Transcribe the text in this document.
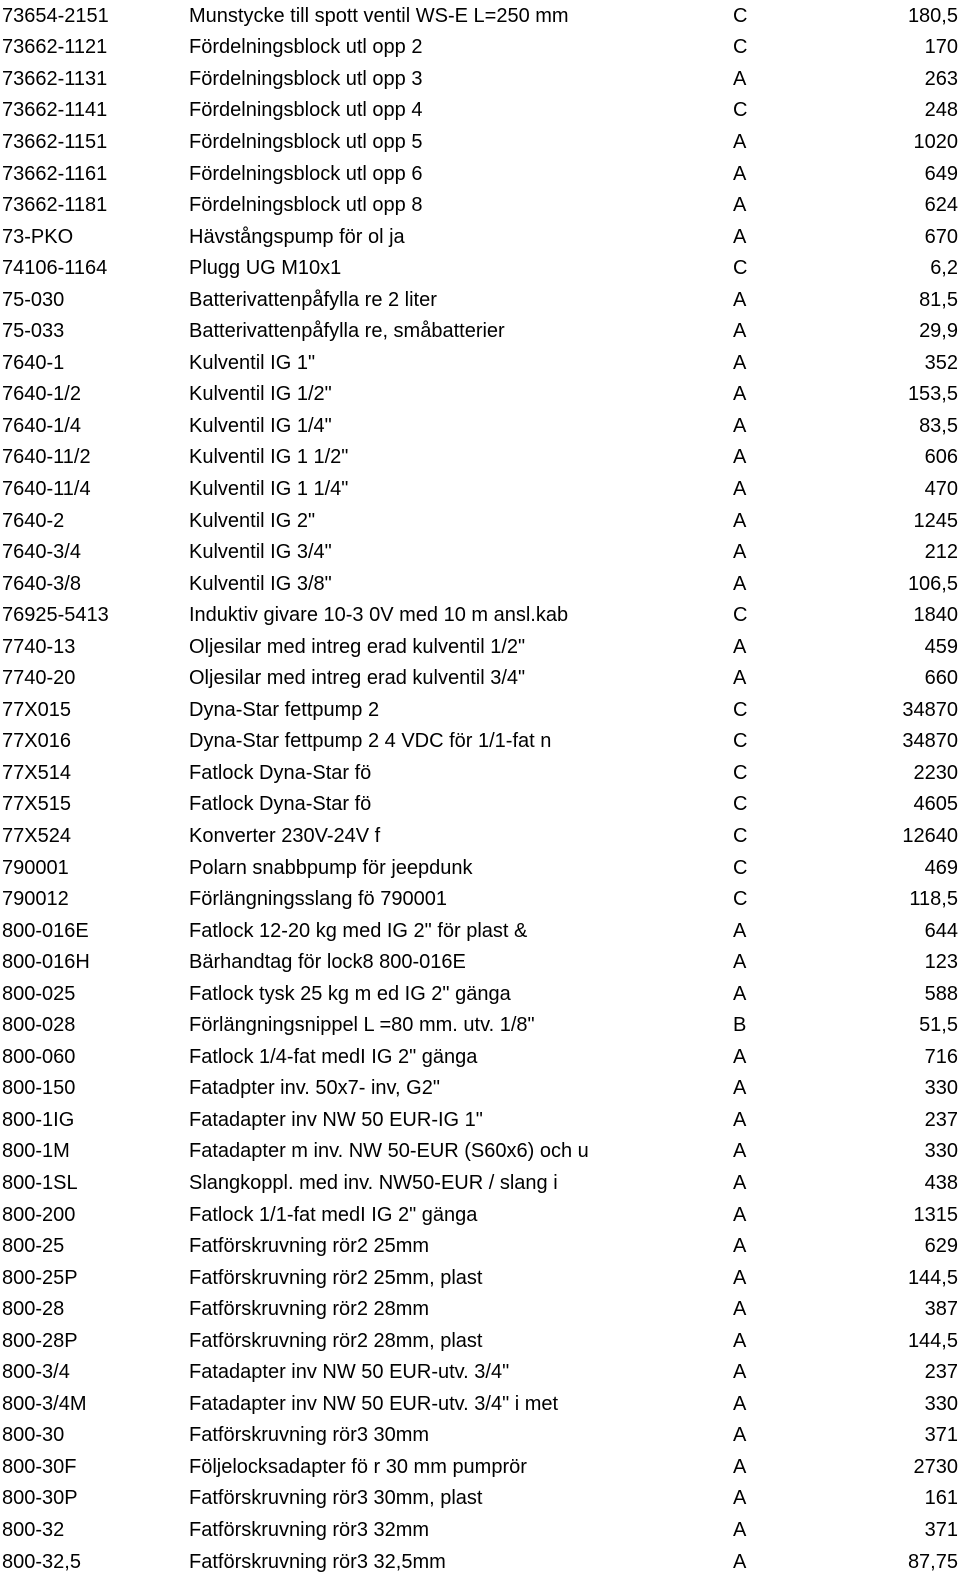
73654-2151	Munstycke till spott ventil WS-E L=250 mm	C	180,5
73662-1121	Fördelningsblock utl opp 2	C	170
73662-1131	Fördelningsblock utl opp 3	A	263
73662-1141	Fördelningsblock utl opp 4	C	248
73662-1151	Fördelningsblock utl opp 5	A	1020
73662-1161	Fördelningsblock utl opp 6	A	649
73662-1181	Fördelningsblock utl opp 8	A	624
73-PKO	Hävstångspump för ol ja	A	670
74106-1164	Plugg UG M10x1	C	6,2
75-030	Batterivattenpåfylla re 2 liter	A	81,5
75-033	Batterivattenpåfylla re, småbatterier	A	29,9
7640-1	Kulventil IG 1"	A	352
7640-1/2	Kulventil IG 1/2"	A	153,5
7640-1/4	Kulventil IG 1/4"	A	83,5
7640-11/2	Kulventil IG 1 1/2"	A	606
7640-11/4	Kulventil IG 1 1/4"	A	470
7640-2	Kulventil IG 2"	A	1245
7640-3/4	Kulventil IG 3/4"	A	212
7640-3/8	Kulventil IG 3/8"	A	106,5
76925-5413	Induktiv givare 10-3 0V med 10 m ansl.kab	C	1840
7740-13	Oljesilar med intreg erad kulventil 1/2"	A	459
7740-20	Oljesilar med intreg erad kulventil 3/4"	A	660
77X015	Dyna-Star fettpump 2	C	34870
77X016	Dyna-Star fettpump 2 4 VDC för 1/1-fat n	C	34870
77X514	Fatlock Dyna-Star fö	C	2230
77X515	Fatlock Dyna-Star fö	C	4605
77X524	Konverter 230V-24V f	C	12640
790001	Polarn snabbpump för jeepdunk	C	469
790012	Förlängningsslang fö 790001	C	118,5
800-016E	Fatlock 12-20 kg med IG 2" för plast &	A	644
800-016H	Bärhandtag för lock8 800-016E	A	123
800-025	Fatlock tysk 25 kg m ed IG 2" gänga	A	588
800-028	Förlängningsnippel L =80 mm. utv. 1/8"	B	51,5
800-060	Fatlock 1/4-fat medI IG 2" gänga	A	716
800-150	Fatadpter inv. 50x7- inv, G2"	A	330
800-1IG	Fatadapter inv NW 50 EUR-IG 1"	A	237
800-1M	Fatadapter m inv. NW 50-EUR (S60x6) och u	A	330
800-1SL	Slangkoppl. med inv. NW50-EUR / slang i	A	438
800-200	Fatlock 1/1-fat medI IG 2" gänga	A	1315
800-25	Fatförskruvning rör2 25mm	A	629
800-25P	Fatförskruvning rör2 25mm, plast	A	144,5
800-28	Fatförskruvning rör2 28mm	A	387
800-28P	Fatförskruvning rör2 28mm, plast	A	144,5
800-3/4	Fatadapter inv NW 50 EUR-utv. 3/4"	A	237
800-3/4M	Fatadapter inv NW 50 EUR-utv. 3/4" i met	A	330
800-30	Fatförskruvning rör3 30mm	A	371
800-30F	Följelocksadapter fö r 30 mm pumprör	A	2730
800-30P	Fatförskruvning rör3 30mm, plast	A	161
800-32	Fatförskruvning rör3 32mm	A	371
800-32,5	Fatförskruvning rör3 32,5mm	A	87,75
